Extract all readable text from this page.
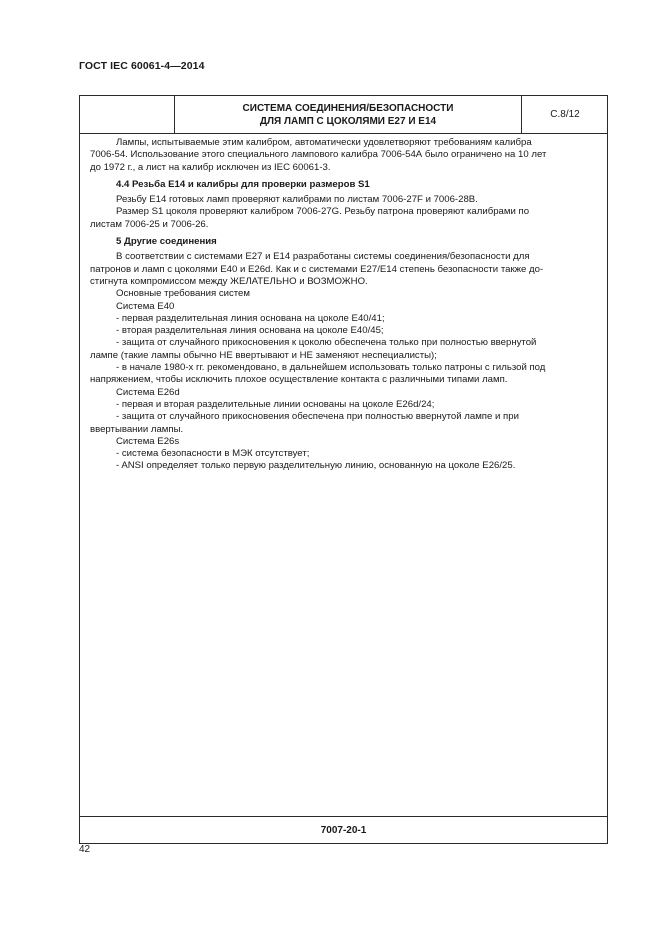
ГОСТ IEC 60061-4—2014
СИСТЕМА СОЕДИНЕНИЯ/БЕЗОПАСНОСТИ
ДЛЯ ЛАМП С ЦОКОЛЯМИ E27 И E14
С.8/12
Лампы, испытываемые этим калибром, автоматически удовлетворяют требованиям калибра
7006-54. Использование этого специального лампового калибра 7006-54А было ограничено на 10 лет
до 1972 г., а лист на калибр исключен из IEC 60061-3.
4.4 Резьба Е14 и калибры для проверки размеров S1
Резьбу Е14 готовых ламп проверяют калибрами по листам 7006-27F и 7006-28В.
Размер S1 цоколя проверяют калибром 7006-27G. Резьбу патрона проверяют калибрами по
листам 7006-25 и 7006-26.
5 Другие соединения
В соответствии с системами Е27 и Е14 разработаны системы соединения/безопасности для
патронов и ламп с цоколями Е40 и Е26d. Как и с системами Е27/Е14 степень безопасности также до-
стигнута компромиссом между ЖЕЛАТЕЛЬНО и ВОЗМОЖНО.
Основные требования систем
Система Е40
- первая разделительная линия основана на цоколе Е40/41;
- вторая разделительная линия основана на цоколе Е40/45;
- защита от случайного прикосновения к цоколю обеспечена только при полностью ввернутой
лампе (такие лампы обычно НЕ ввертывают и НЕ заменяют неспециалисты);
- в начале 1980-х гг. рекомендовано, в дальнейшем использовать только патроны с гильзой под
напряжением, чтобы исключить плохое осуществление контакта с различными типами ламп.
Система Е26d
- первая и вторая разделительные линии основаны на цоколе Е26d/24;
- защита от случайного прикосновения обеспечена при полностью ввернутой лампе и при
ввертывании лампы.
Система Е26s
- система безопасности в МЭК отсутствует;
- ANSI определяет только первую разделительную линию, основанную на цоколе Е26/25.
7007-20-1
42
